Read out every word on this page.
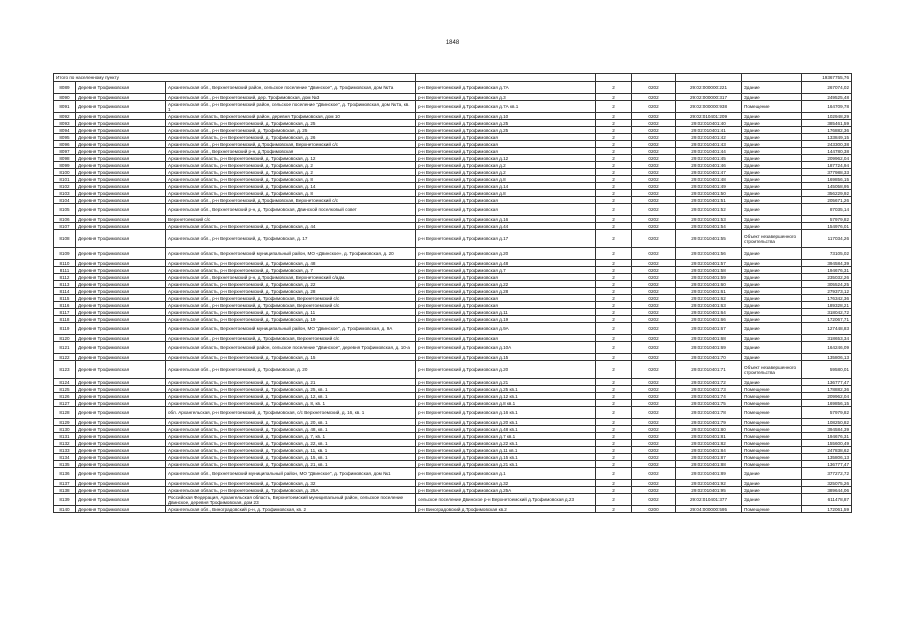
1848
Итого по населенному пункту								19367755,76
8089	Деревня Трофимовская	Архангельская обл., Верхнетоемский район, сельское поселение "Двинское", д. Трофимовская, дом №7а	р-н Верхнетоемский д.Трофимовская д.7А	2	0202	29:02:000000:221	Здание	267074,02
8090	Деревня Трофимовская	Архангельская обл., р-н Верхнетоемский, дер. Трофимовская, дом №3	р-н Верхнетоемский д.Трофимовская д.3	2	0202	29:02:000000:317	Здание	249525,48
8091	Деревня Трофимовская	Архангельская обл., р-н Верхнетоемский район, сельское поселение "Двинское", д. Трофимовская, дом №7а, кв. 1	р-н Верхнетоемский д.Трофимовская д.7А кв.1	2	0202	29:02:000000:938	Помещение	164709,78
8092	Деревня Трофимовская	Архангельская область, Верхнетоемский район, деревня Трофимовская, дом 10	р-н Верхнетоемский д.Трофимовская д.10	2	0202	29:02:010401:209	Здание	102948,29
8093	Деревня Трофимовская	Архангельская область, р-н Верхнетоемский, д. Трофимовская, д. 25	р-н Верхнетоемский д.Трофимовская д.25	2	0202	29:02:010401:40	Здание	385461,59
8094	Деревня Трофимовская	Архангельская обл., р-н Верхнетоемский, д. Трофимовская, д. 25	р-н Верхнетоемский д.Трофимовская д.25	2	0202	29:02:010401:41	Здание	176882,36
8095	Деревня Трофимовская	Архангельская область, р-н Верхнетоемский, д. Трофимовская, д. 26	р-н Верхнетоемский д.Трофимовская	2	0202	29:02:010401:42	Здание	133849,15
8096	Деревня Трофимовская	Архангельская обл., р-н Верхнетоемский, д.Трофимовская, Верхнетоемский с/с	р-н Верхнетоемский д.Трофимовская	2	0202	29:02:010401:43	Здание	243300,38
8097	Деревня Трофимовская	Архангельская обл., Верхнетоемский р-н, д.Трофимовская	р-н Верхнетоемский д.Трофимовская	2	0202	29:02:010401:44	Здание	144780,38
8098	Деревня Трофимовская	Архангельская область, р-н Верхнетоемский, д. Трофимовская, д. 12	р-н Верхнетоемский д.Трофимовская д.12	2	0202	29:02:010401:45	Здание	209962,04
8099	Деревня Трофимовская	Архангельская область, р-н Верхнетоемский, д. Трофимовская, д. 2	р-н Верхнетоемский д.Трофимовская д.2	2	0202	29:02:010401:46	Здание	187724,94
8100	Деревня Трофимовская	Архангельская область, р-н Верхнетоемский, д. Трофимовская, д. 2	р-н Верхнетоемский д.Трофимовская д.2	2	0202	29:02:010401:47	Здание	377988,33
8101	Деревня Трофимовская	Архангельская область, р-н Верхнетоемский, д. Трофимовская, д. 8	р-н Верхнетоемский д.Трофимовская д.8	2	0202	29:02:010401:48	Здание	169856,15
8102	Деревня Трофимовская	Архангельская область, р-н Верхнетоемский, д. Трофимовская, д. 14	р-н Верхнетоемский д.Трофимовская д.14	2	0202	29:02:010401:49	Здание	145058,95
8103	Деревня Трофимовская	Архангельская область, р-н Верхнетоемский, д. Трофимовская, д. 8	р-н Верхнетоемский д.Трофимовская д.8	2	0202	29:02:010401:50	Здание	356229,92
8104	Деревня Трофимовская	Архангельская обл., р-н Верхнетоемский, д.Трофимовская, Верхнетоемский с/с	р-н Верхнетоемский д.Трофимовская	2	0202	29:02:010401:51	Здание	205671,26
8105	Деревня Трофимовская	Архангельская обл., Верхнетоемский р-н, д. Трофимовская, Двинской поселковый совет	р-н Верхнетоемский д.Трофимовская	2	0202	29:02:010401:52	Здание	87035,14
8106	Деревня Трофимовская	Верхнетоемский с/с	р-н Верхнетоемский д.Трофимовская д.16	2	0202	29:02:010401:53	Здание	57979,82
8107	Деревня Трофимовская	Архангельская область, р-н Верхнетоемский, д. Трофимовская, д. 44	р-н Верхнетоемский д.Трофимовская д.44	2	0202	29:02:010401:54	Здание	154976,01
8108	Деревня Трофимовская	Архангельская обл., р-н Верхнетоемский, д. Трофимовская, д. 17	р-н Верхнетоемский д.Трофимовская д.17	2	0202	29:02:010401:55	Объект незавершенного строительства	117034,26
8109	Деревня Трофимовская	Архангельская область, Верхнетоемский муниципальный район, МО «Двинское», д. Трофимовская, д. 20	р-н Верхнетоемский д.Трофимовская д.20	2	0202	29:02:010401:56	Здание	73105,02
8110	Деревня Трофимовская	Архангельская область, р-н Верхнетоемский, д. Трофимовская, д. 48	р-н Верхнетоемский д.Трофимовская д.48	2	0202	29:02:010401:57	Здание	394584,39
8111	Деревня Трофимовская	Архангельская область, р-н Верхнетоемский, д. Трофимовская, д. 7	р-н Верхнетоемский д.Трофимовская д.7	2	0202	29:02:010401:58	Здание	194676,31
8112	Деревня Трофимовская	Архангельская обл., Верхнетоемский р-н, д.Трофимовская, Верхнетоемский с/адм.	р-н Верхнетоемский д.Трофимовская	2	0202	29:02:010401:59	Здание	235032,26
8113	Деревня Трофимовская	Архангельская область, р-н Верхнетоемский, д. Трофимовская, д. 22	р-н Верхнетоемский д.Трофимовская д.22	2	0202	29:02:010401:60	Здание	305524,25
8114	Деревня Трофимовская	Архангельская область, р-н Верхнетоемский, д. Трофимовская, д. 28	р-н Верхнетоемский д.Трофимовская д.28	2	0202	29:02:010401:61	Здание	279373,12
8115	Деревня Трофимовская	Архангельская обл., р-н Верхнетоемский, д. Трофимовская, Верхнетоемский с/с	р-н Верхнетоемский д.Трофимовская	2	0202	29:02:010401:62	Здание	176342,36
8116	Деревня Трофимовская	Архангельская обл., р-н Верхнетоемский, д. Трофимовская, Верхнетоемский с/с	р-н Верхнетоемский д.Трофимовская	2	0202	29:02:010401:63	Здание	189328,21
8117	Деревня Трофимовская	Архангельская область, р-н Верхнетоемский, д. Трофимовская, д. 11	р-н Верхнетоемский д.Трофимовская д.11	2	0202	29:02:010401:64	Здание	318042,72
8118	Деревня Трофимовская	Архангельская область, р-н Верхнетоемский, д. Трофимовская, д. 19	р-н Верхнетоемский д.Трофимовская д.19	2	0202	29:02:010401:66	Здание	172067,71
8119	Деревня Трофимовская	Архангельская область, Верхнетоемский муниципальный район, МО "Двинское", д. Трофимовская, д. 9А	р-н Верхнетоемский д.Трофимовская д.9А	2	0202	29:02:010401:67	Здание	127448,83
8120	Деревня Трофимовская	Архангельская обл., р-н Верхнетоемский, д. Трофимовская, Верхнетоемский с/с	р-н Верхнетоемский д.Трофимовская	2	0202	29:02:010401:68	Здание	318653,34
8121	Деревня Трофимовская	Архангельская область, Верхнетоемский район, сельское поселение "Двинское", деревня Трофимовская, д. 10-а	р-н Верхнетоемский д.Трофимовская д.10А	2	0202	29:02:010401:69	Здание	164246,09
8122	Деревня Трофимовская	Архангельская область, р-н Верхнетоемский, д. Трофимовская, д. 15	р-н Верхнетоемский д.Трофимовская д.15	2	0202	29:02:010401:70	Здание	135806,13
8123	Деревня Трофимовская	Архангельская обл., р-н Верхнетоемский, д. Трофимовская, д. 20	р-н Верхнетоемский д.Трофимовская д.20	2	0202	29:02:010401:71	Объект незавершенного строительства	59580,01
8124	Деревня Трофимовская	Архангельская область, р-н Верхнетоемский, д. Трофимовская, д. 21	р-н Верхнетоемский д.Трофимовская д.21	2	0202	29:02:010401:72	Здание	136777,47
8125	Деревня Трофимовская	Архангельская область, р-н Верхнетоемский, д. Трофимовская, д. 25, кв. 1	р-н Верхнетоемский д.Трофимовская д.25 кв.1	2	0202	29:02:010401:73	Помещение	178882,36
8126	Деревня Трофимовская	Архангельская область, р-н Верхнетоемский, д. Трофимовская, д. 12, кв. 1	р-н Верхнетоемский д.Трофимовская д.12 кв.1	2	0202	29:02:010401:74	Помещение	209962,04
8127	Деревня Трофимовская	Архангельская область, р-н Верхнетоемский, д. Трофимовская, д. 8, кв. 1	р-н Верхнетоемский д.Трофимовская д.8 кв.1	2	0202	29:02:010401:75	Помещение	169856,15
8128	Деревня Трофимовская	обл. Архангельская, р-н Верхнетоемский, д. Трофимовская, с/с Верхнетоемский, д. 16, кв. 1	р-н Верхнетоемский д.Трофимовская д.16 кв.1	2	0202	29:02:010401:78	Помещение	57979,82
8129	Деревня Трофимовская	Архангельская область, р-н Верхнетоемский, д. Трофимовская, д. 20, кв. 1	р-н Верхнетоемский д.Трофимовская д.20 кв.1	2	0202	29:02:010401:79	Помещение	108250,82
8130	Деревня Трофимовская	Архангельская область, р-н Верхнетоемский, д. Трофимовская, д. 48, кв. 1	р-н Верхнетоемский д.Трофимовская д.48 кв.1	2	0202	29:02:010401:80	Помещение	394584,39
8131	Деревня Трофимовская	Архангельская область, р-н Верхнетоемский, д. Трофимовская, д. 7, кв. 1	р-н Верхнетоемский д.Трофимовская д.7 кв.1	2	0202	29:02:010401:81	Помещение	194676,31
8132	Деревня Трофимовская	Архангельская область, р-н Верхнетоемский, д. Трофимовская, д. 22, кв. 1	р-н Верхнетоемский д.Трофимовская д.22 кв.1	2	0202	29:02:010401:82	Помещение	155600,49
8133	Деревня Трофимовская	Архангельская область, р-н Верхнетоемский, д. Трофимовская, д. 11, кв. 1	р-н Верхнетоемский д.Трофимовская д.11 кв.1	2	0202	29:02:010401:84	Помещение	247838,62
8134	Деревня Трофимовская	Архангельская область, р-н Верхнетоемский, д. Трофимовская, д. 15, кв. 1	р-н Верхнетоемский д.Трофимовская д.15 кв.1	2	0202	29:02:010401:87	Помещение	135806,13
8135	Деревня Трофимовская	Архангельская область, р-н Верхнетоемский, д. Трофимовская, д. 21, кв. 1	р-н Верхнетоемский д.Трофимовская д.21 кв.1	2	0202	29:02:010401:88	Помещение	136777,47
8136	Деревня Трофимовская	Архангельская обл., Верхнетоемский муниципальный район, МО "Двинское", д. Трофимовская, дом №1	р-н Верхнетоемский д.Трофимовская д.1	2	0202	29:02:010401:89	Здание	377272,72
8137	Деревня Трофимовская	Архангельская область, р-н Верхнетоемский, д. Трофимовская, д. 32	р-н Верхнетоемский д.Трофимовская д.32	2	0202	29:02:010401:92	Здание	325075,26
8138	Деревня Трофимовская	Архангельская область, р-н Верхнетоемский, д. Трофимовская, д. 25А	р-н Верхнетоемский д.Трофимовская д.25А	2	0202	29:02:010401:95	Здание	389644,06
8139	Деревня Трофимовская	Российская Федерация, Архангельская область, Верхнетоемский муниципальный район, сельское поселение Двинское, деревня Трофимовская, дом 23	сельское поселение Двинское р-н Верхнетоемский д.Трофимовская д.23	2	0202	29:02:010401:377	Здание	611478,87
8140	Деревня Трофимовская	Архангельская обл., Виноградовский р-н, д. Трофимовская, кв. 2	р-н Виноградовский д.Трофимовская кв.2	2	0200	29:04:000000:595	Помещение	172061,59
